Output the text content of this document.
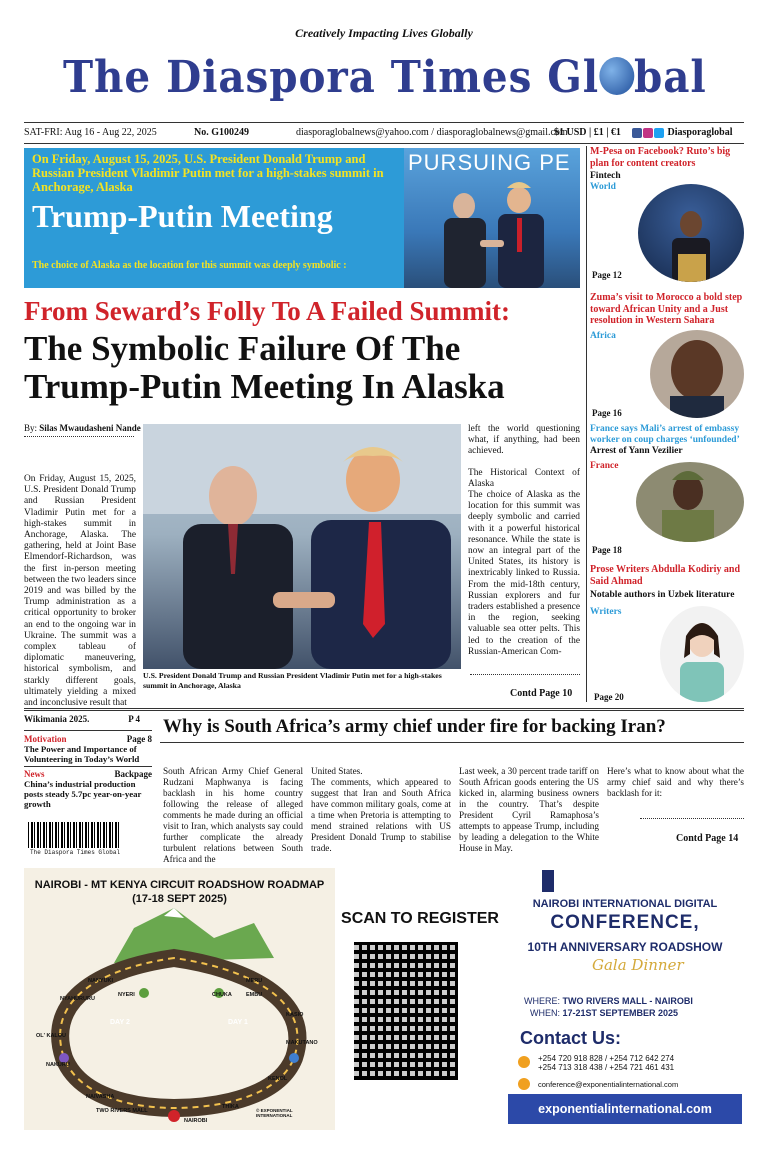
Creatively Impacting Lives Globally
The Diaspora Times Gl bal
SAT-FRI: Aug 16 - Aug 22, 2025	No. G100249	diasporaglobalnews@yahoo.com / diasporaglobalnews@gmail.com
$1 USD | £1 | €1	Diasporaglobal
On Friday, August 15, 2025, U.S. President Donald Trump and Russian President Vladimir Putin met for a high-stakes summit in Anchorage, Alaska
Trump-Putin Meeting
The choice of Alaska as the location for this summit was deeply symbolic :
PURSUING PE
From Seward’s Folly To A Failed Summit:
The Symbolic Failure Of The Trump-Putin Meeting In Alaska
By: Silas Mwaudasheni Nande
On Friday, August 15, 2025, U.S. President Donald Trump and Russian President Vladimir Putin met for a high-stakes summit in Anchorage, Alaska. The gathering, held at Joint Base Elmendorf-Richardson, was the first in-person meeting between the two leaders since 2019 and was billed by the Trump administration as a critical opportunity to broker an end to the ongoing war in Ukraine. The summit was a complex tableau of diplomatic maneuvering, historical symbolism, and starkly different goals, ultimately yielding a mixed and inconclusive result that
U.S. President Donald Trump and Russian President Vladimir Putin met for a high-stakes summit in Anchorage, Alaska
left the world questioning what, if anything, had been achieved.
The Historical Context of Alaska
The choice of Alaska as the location for this summit was deeply symbolic and carried with it a powerful historical resonance. While the state is now an integral part of the United States, its history is inextricably linked to Russia. From the mid-18th century, Russian explorers and fur traders established a presence in the region, seeking valuable sea otter pelts. This led to the creation of the Russian-American Com-
Contd Page 10
M-Pesa on Facebook? Ruto’s big plan for content creators
Fintech
World
Page 12
Zuma’s visit to Morocco a bold step toward African Unity and a Just resolution in Western Sahara
Africa
Page 16
France says Mali’s arrest of embassy worker on coup charges ‘unfounded’
Arrest of Yann Vezilier
France
Page 18
Prose Writers Abdulla Kodiriy and Said Ahmad
Notable authors in Uzbek literature
Writers
Page 20
Wikimania 2025.	P 4
Motivation	Page 8
The Power and Importance of Volunteering in Today’s World
News	Backpage
China’s industrial production posts steady 5.7pc year-on-year growth
The Diaspora Times Global
Why is South Africa’s army chief under fire for backing Iran?
South African Army Chief General Rudzani Maphwanya is facing backlash in his home country following the release of alleged comments he made during an official visit to Iran, which analysts say could further complicate the already turbulent relations between South Africa and the
United States.
The comments, which appeared to suggest that Iran and South Africa have common military goals, come at a time when Pretoria is attempting to mend strained relations with US President Donald Trump to stabilise trade.
Last week, a 30 percent trade tariff on South African goods entering the US kicked in, alarming business owners in the country. That’s despite President Cyril Ramaphosa’s attempts to appease Trump, including by leading a delegation to the White House in May.
Here’s what to know about what the army chief said and why there’s backlash for it:
Contd Page 14
NAIROBI - MT KENYA CIRCUIT ROADSHOW ROADMAP (17-18 SEPT 2025)
DAY 2	DAY 1
NANYUKI
NYERI
NYAHURURU
CHUKA	EMBU
MERU
OL' KALOU
KASIO
NAKURU
MAKUTANO
NAIVASHA
KENOL
TWO RIVERS MALL
THIKA
NAIROBI
© EXPONENTIAL INTERNATIONAL
SCAN TO REGISTER
NAIROBI INTERNATIONAL DIGITAL
CONFERENCE,
10TH ANNIVERSARY ROADSHOW
Gala Dinner
WHERE: TWO RIVERS MALL - NAIROBI
WHEN: 17-21ST SEPTEMBER 2025
Contact Us:
+254 720 918 828 / +254 712 642 274
+254 713 318 438 / +254 721 461 431
conference@exponentialinternational.com
exponentialinternational.com
